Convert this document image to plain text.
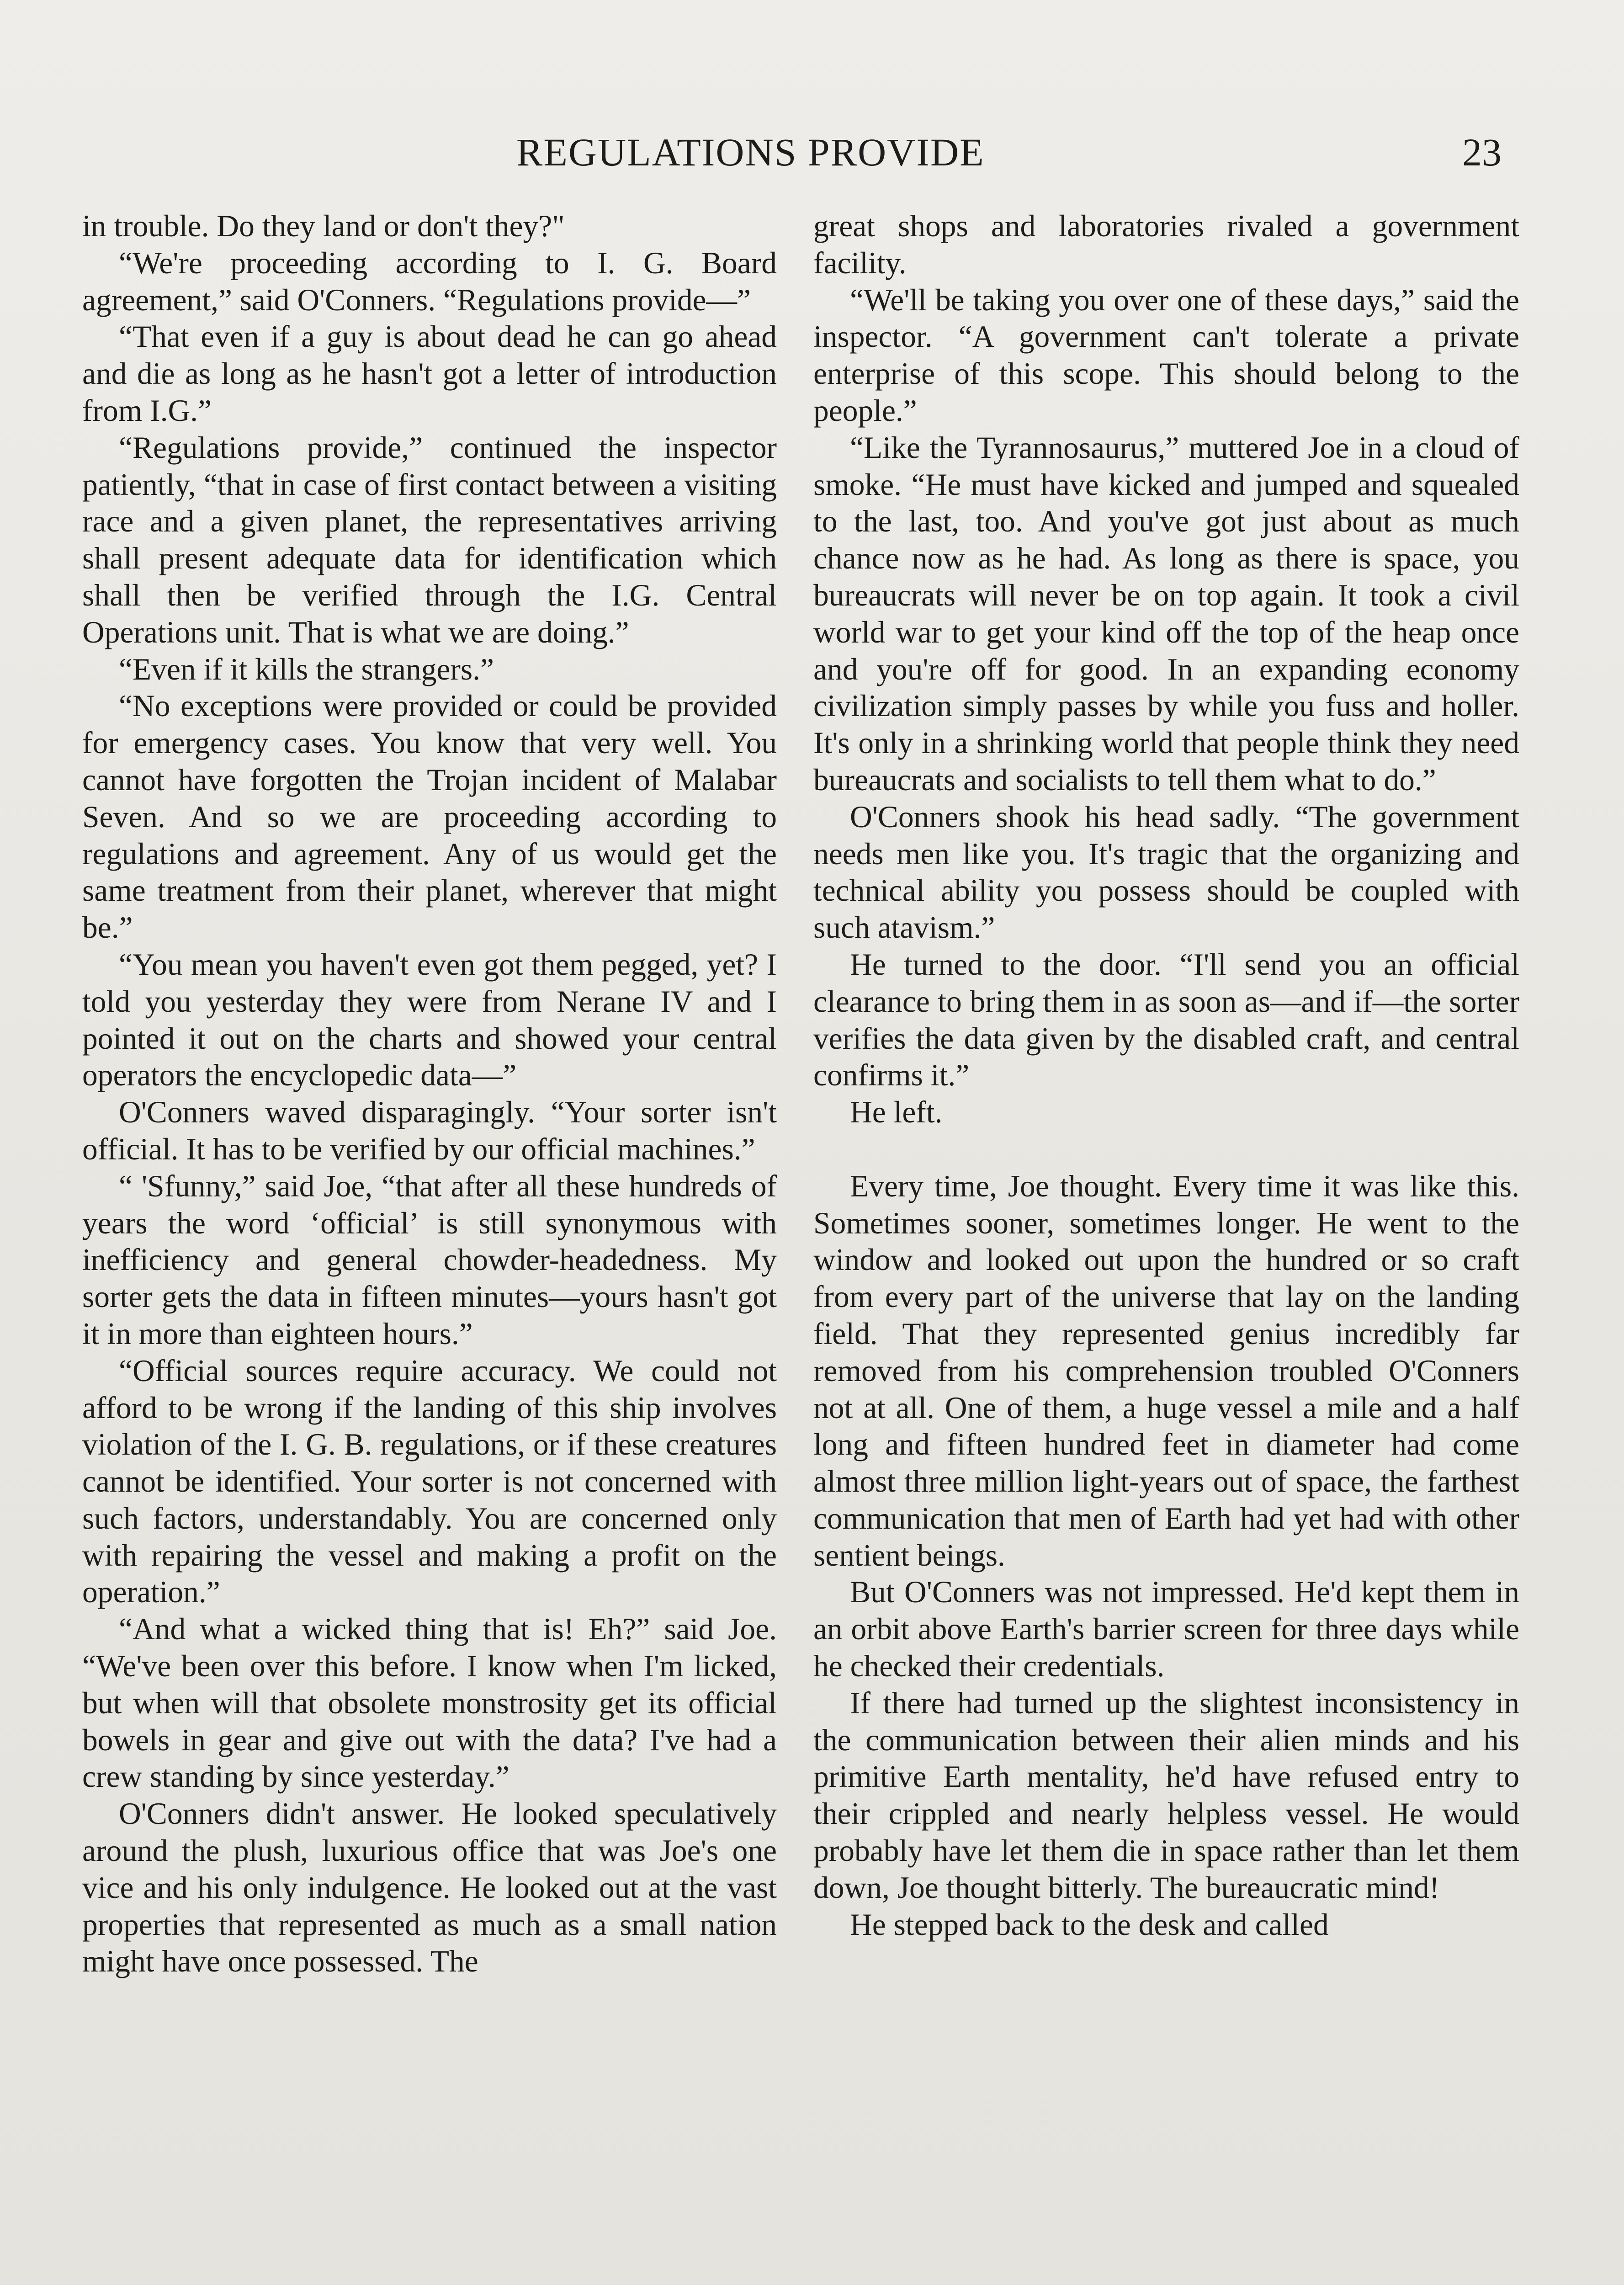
REGULATIONS PROVIDE	23

in trouble. Do they land or don't they?"

“We're proceeding according to I. G. Board agreement,” said O'Conners. “Regulations provide—”

“That even if a guy is about dead he can go ahead and die as long as he hasn't got a letter of introduction from I.G.”

“Regulations provide,” continued the inspector patiently, “that in case of first contact between a visiting race and a given planet, the representatives arriving shall present adequate data for identification which shall then be verified through the I.G. Central Operations unit. That is what we are doing.”

“Even if it kills the strangers.”

“No exceptions were provided or could be provided for emergency cases. You know that very well. You cannot have forgotten the Trojan incident of Malabar Seven. And so we are proceeding according to regulations and agreement. Any of us would get the same treatment from their planet, wherever that might be.”

“You mean you haven't even got them pegged, yet? I told you yesterday they were from Nerane IV and I pointed it out on the charts and showed your central operators the encyclopedic data—”

O'Conners waved disparagingly. “Your sorter isn't official. It has to be verified by our official machines.”

“ 'Sfunny,” said Joe, “that after all these hundreds of years the word ‘official’ is still synonymous with inefficiency and general chowder-headedness. My sorter gets the data in fifteen minutes—yours hasn't got it in more than eighteen hours.”

“Official sources require accuracy. We could not afford to be wrong if the landing of this ship involves violation of the I. G. B. regulations, or if these creatures cannot be identified. Your sorter is not concerned with such factors, understandably. You are concerned only with repairing the vessel and making a profit on the operation.”

“And what a wicked thing that is! Eh?” said Joe. “We've been over this before. I know when I'm licked, but when will that obsolete monstrosity get its official bowels in gear and give out with the data? I've had a crew standing by since yesterday.”

O'Conners didn't answer. He looked speculatively around the plush, luxurious office that was Joe's one vice and his only indulgence. He looked out at the vast properties that represented as much as a small nation might have once possessed. The

great shops and laboratories rivaled a government facility.

“We'll be taking you over one of these days,” said the inspector. “A government can't tolerate a private enterprise of this scope. This should belong to the people.”

“Like the Tyrannosaurus,” muttered Joe in a cloud of smoke. “He must have kicked and jumped and squealed to the last, too. And you've got just about as much chance now as he had. As long as there is space, you bureaucrats will never be on top again. It took a civil world war to get your kind off the top of the heap once and you're off for good. In an expanding economy civilization simply passes by while you fuss and holler. It's only in a shrinking world that people think they need bureaucrats and socialists to tell them what to do.”

O'Conners shook his head sadly. “The government needs men like you. It's tragic that the organizing and technical ability you possess should be coupled with such atavism.”

He turned to the door. “I'll send you an official clearance to bring them in as soon as—and if—the sorter verifies the data given by the disabled craft, and central confirms it.”

He left.

Every time, Joe thought. Every time it was like this. Sometimes sooner, sometimes longer. He went to the window and looked out upon the hundred or so craft from every part of the universe that lay on the landing field. That they represented genius incredibly far removed from his comprehension troubled O'Conners not at all. One of them, a huge vessel a mile and a half long and fifteen hundred feet in diameter had come almost three million light-years out of space, the farthest communication that men of Earth had yet had with other sentient beings.

But O'Conners was not impressed. He'd kept them in an orbit above Earth's barrier screen for three days while he checked their credentials.

If there had turned up the slightest inconsistency in the communication between their alien minds and his primitive Earth mentality, he'd have refused entry to their crippled and nearly helpless vessel. He would probably have let them die in space rather than let them down, Joe thought bitterly. The bureaucratic mind!

He stepped back to the desk and called
